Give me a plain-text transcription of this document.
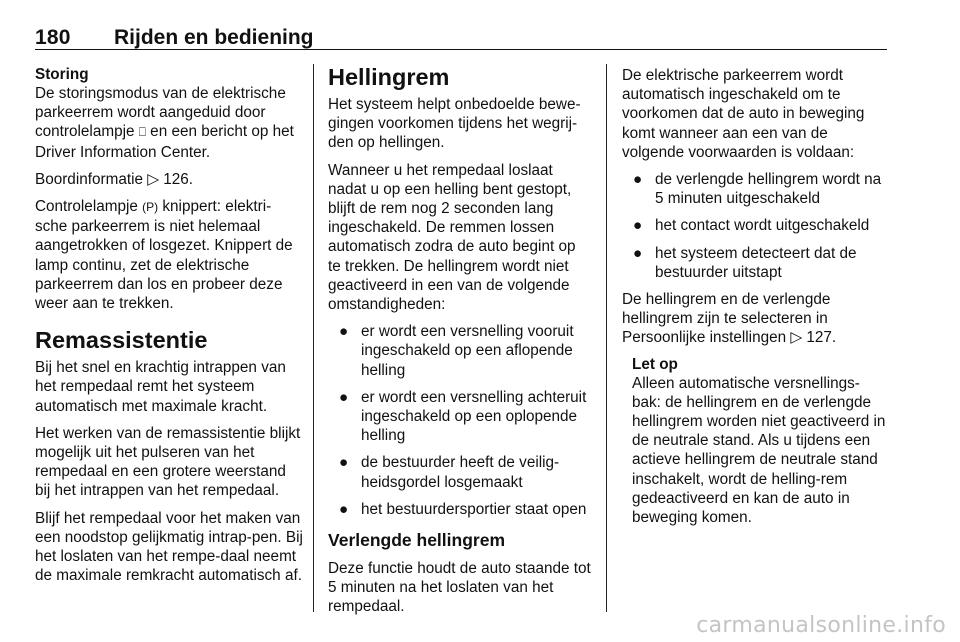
180 Rijden en bediening
Storing

De storingsmodus van de elektrische parkeerrem wordt aangeduid door controlelampje ⎕ en een bericht op het Driver Information Center.

Boordinformatie ▷ 126.

Controlelampje (P) knippert: elektri-sche parkeerrem is niet helemaal aangetrokken of losgezet. Knippert de lamp continu, zet de elektrische parkeerrem dan los en probeer deze weer aan te trekken.

Remassistentie

Bij het snel en krachtig intrappen van het rempedaal remt het systeem automatisch met maximale kracht.

Het werken van de remassistentie blijkt mogelijk uit het pulseren van het rempedaal en een grotere weerstand bij het intrappen van het rempedaal.

Blijf het rempedaal voor het maken van een noodstop gelijkmatig intrap-pen. Bij het loslaten van het rempe-daal neemt de maximale remkracht automatisch af.

Hellingrem

Het systeem helpt onbedoelde bewe-gingen voorkomen tijdens het wegrij-den op hellingen.

Wanneer u het rempedaal loslaat nadat u op een helling bent gestopt, blijft de rem nog 2 seconden lang ingeschakeld. De remmen lossen automatisch zodra de auto begint op te trekken. De hellingrem wordt niet geactiveerd in een van de volgende omstandigheden:

● er wordt een versnelling vooruit ingeschakeld op een aflopende helling
● er wordt een versnelling achteruit ingeschakeld op een oplopende helling
● de bestuurder heeft de veilig-heidsgordel losgemaakt
● het bestuurdersportier staat open
Verlengde hellingrem

Deze functie houdt de auto staande tot 5 minuten na het loslaten van het rempedaal.

De elektrische parkeerrem wordt automatisch ingeschakeld om te voorkomen dat de auto in beweging komt wanneer aan een van de volgende voorwaarden is voldaan:

● de verlengde hellingrem wordt na 5 minuten uitgeschakeld
● het contact wordt uitgeschakeld
● het systeem detecteert dat de bestuurder uitstapt

De hellingrem en de verlengde hellingrem zijn te selecteren in Persoonlijke instellingen ▷ 127.

Let op

Alleen automatische versnellings-bak: de hellingrem en de verlengde hellingrem worden niet geactiveerd in de neutrale stand. Als u tijdens een actieve hellingrem de neutrale stand inschakelt, wordt de helling-rem gedeactiveerd en kan de auto in beweging komen.

carmanualsonline.info
